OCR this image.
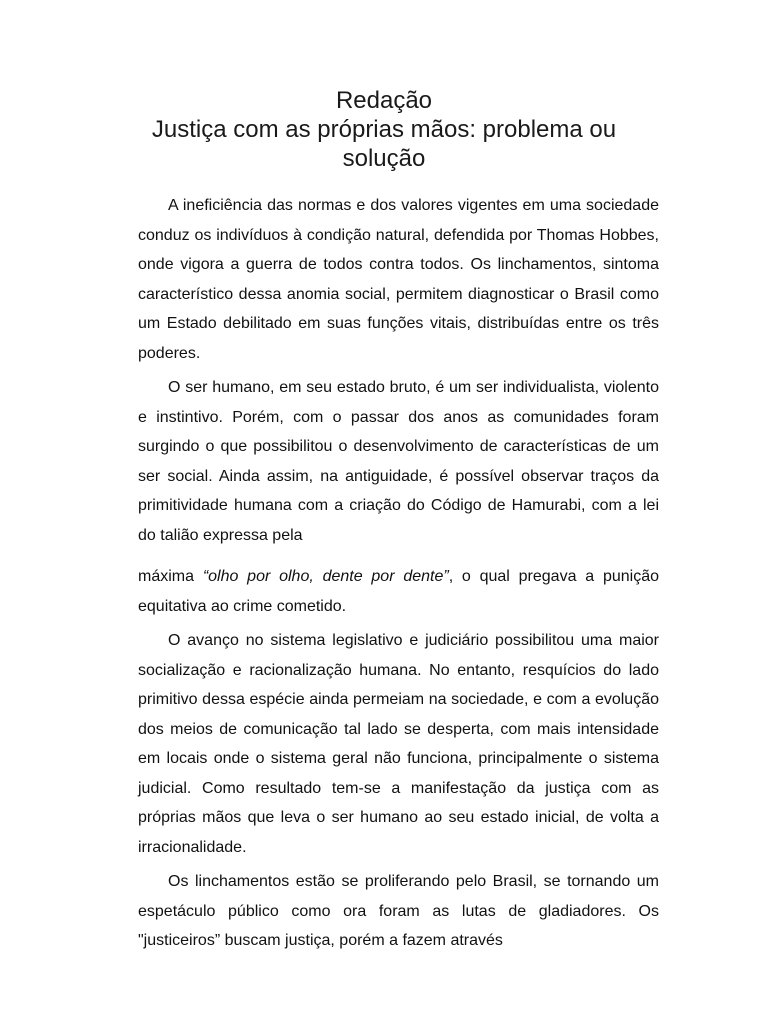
Redação
Justiça com as próprias mãos: problema ou
solução

A ineficiência das normas e dos valores vigentes em uma sociedade conduz os indivíduos à condição natural, defendida por Thomas Hobbes, onde vigora a guerra de todos contra todos. Os linchamentos, sintoma característico dessa anomia social, permitem diagnosticar o Brasil como um Estado debilitado em suas funções vitais, distribuídas entre os três poderes.

O ser humano, em seu estado bruto, é um ser individualista, violento e instintivo. Porém, com o passar dos anos as comunidades foram surgindo o que possibilitou o desenvolvimento de características de um ser social. Ainda assim, na antiguidade, é possível observar traços da primitividade humana com a criação do Código de Hamurabi, com a lei do talião expressa pela

máxima “olho por olho, dente por dente”, o qual pregava a punição equitativa ao crime cometido.

O avanço no sistema legislativo e judiciário possibilitou uma maior socialização e racionalização humana. No entanto, resquícios do lado primitivo dessa espécie ainda permeiam na sociedade, e com a evolução dos meios de comunicação tal lado se desperta, com mais intensidade em locais onde o sistema geral não funciona, principalmente o sistema judicial. Como resultado tem-se a manifestação da justiça com as próprias mãos que leva o ser humano ao seu estado inicial, de volta a irracionalidade.

Os linchamentos estão se proliferando pelo Brasil, se tornando um espetáculo público como ora foram as lutas de gladiadores. Os "justiceiros” buscam justiça, porém a fazem através
